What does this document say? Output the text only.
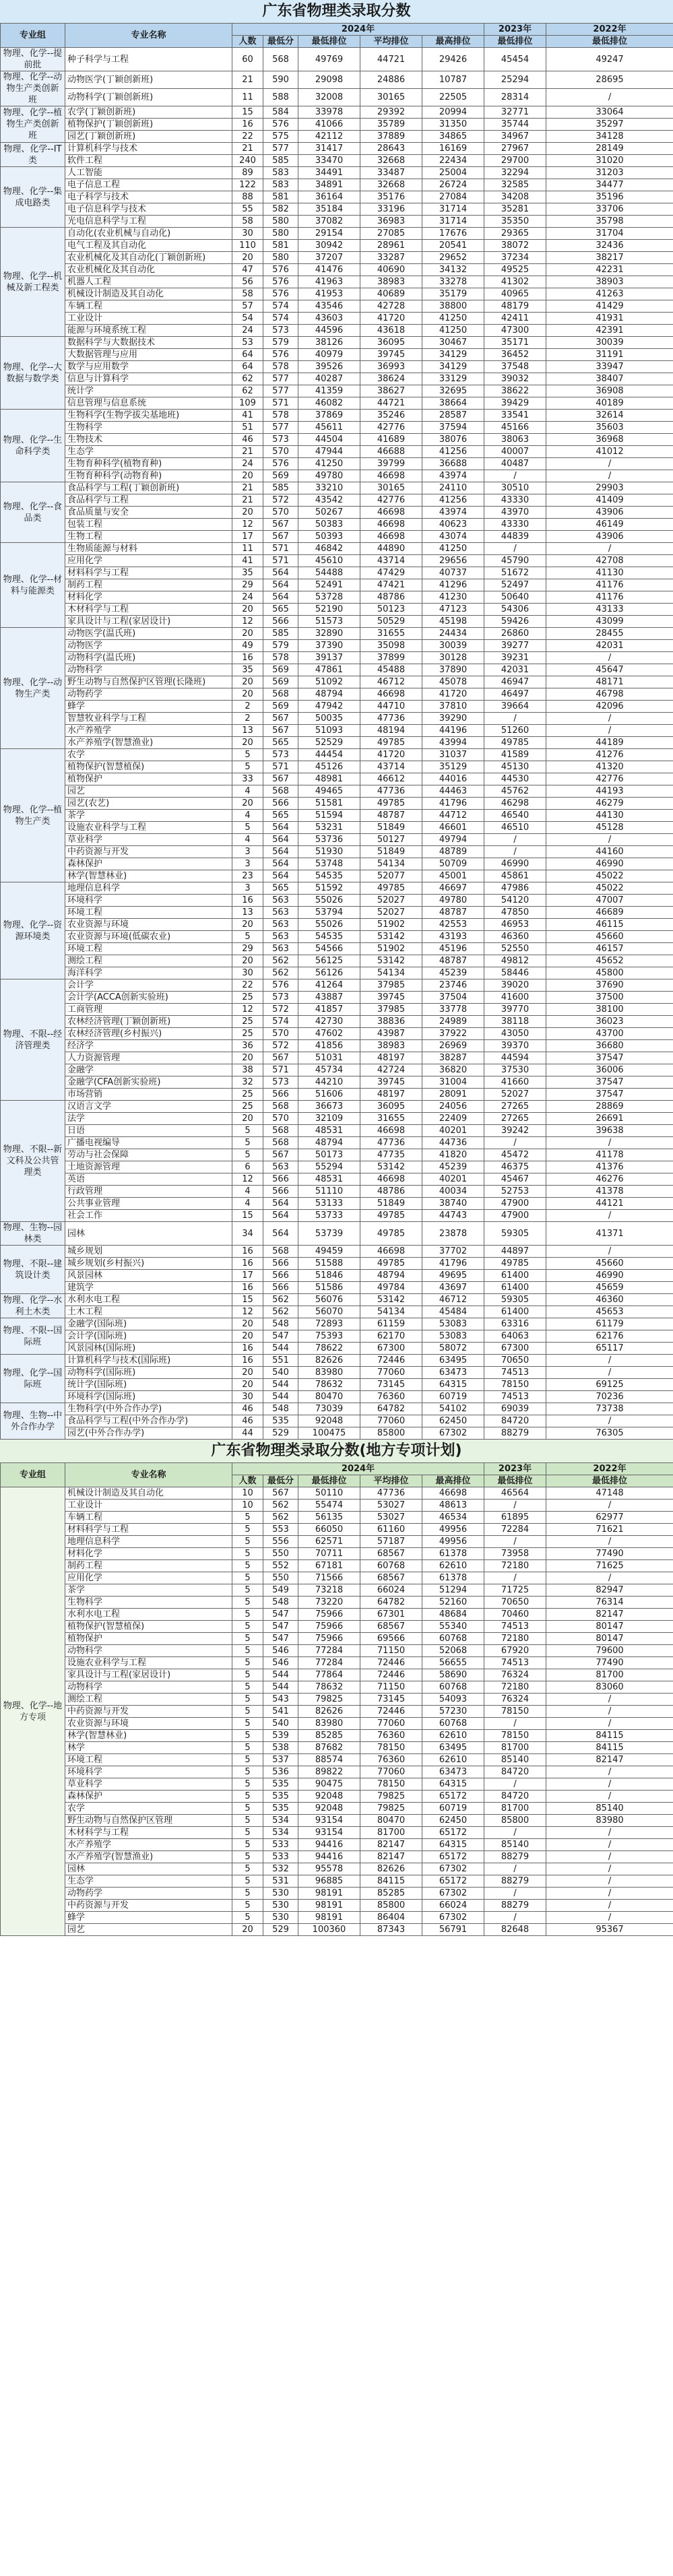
广东省物理类录取分数
专业组	专业名称	2024年					2023年	2022年
		人数	最低分	最低排位	平均排位	最高排位	最低排位	最低排位
物理、化学--提前批	种子科学与工程	60	568	49769	44721	29426	45454	49247
物理、化学--动物生产类创新班	动物医学(丁颖创新班)	21	590	29098	24886	10787	25294	28695
	动物科学(丁颖创新班)	11	588	32008	30165	22505	28314	/
物理、化学--植物生产类创新班	农学(丁颖创新班)	15	584	33978	29392	20994	32771	33064
	植物保护(丁颖创新班)	16	576	41066	35789	31350	35744	35297
	园艺(丁颖创新班)	22	575	42112	37889	34865	34967	34128
物理、化学--IT类	计算机科学与技术	21	577	31417	28643	16169	27967	28149
	软件工程	240	585	33470	32668	22434	29700	31020
物理、化学--集成电路类	人工智能	89	583	34491	33487	25004	32294	31203
	电子信息工程	122	583	34891	32668	26724	32585	34477
	电子科学与技术	88	581	36164	35176	27084	34208	35196
	电子信息科学与技术	55	582	35184	33196	31714	35281	33706
	光电信息科学与工程	58	580	37082	36983	31714	35350	35798
物理、化学--机械及新工程类	自动化(农业机械与自动化)	30	580	29154	27085	17676	29365	31704
	电气工程及其自动化	110	581	30942	28961	20541	38072	32436
	农业机械化及其自动化(丁颖创新班)	20	580	37207	33287	29652	37234	38217
	农业机械化及其自动化	47	576	41476	40690	34132	49525	42231
	机器人工程	56	576	41963	38983	33278	41302	38903
	机械设计制造及其自动化	58	576	41953	40689	35179	40965	41263
	车辆工程	57	574	43546	42728	38800	48179	41429
	工业设计	54	574	43603	41720	41250	42411	41931
	能源与环境系统工程	24	573	44596	43618	41250	47300	42391
物理、化学--大数据与数学类	数据科学与大数据技术	53	579	38126	36095	30467	35171	30039
	大数据管理与应用	64	576	40979	39745	34129	36452	31191
	数学与应用数学	64	578	39526	36993	34129	37548	33947
	信息与计算科学	62	577	40287	38624	33129	39032	38407
	统计学	62	577	41359	38627	32695	38622	36908
	信息管理与信息系统	109	571	46082	44721	38664	39429	40189
物理、化学--生命科学类	生物科学(生物学拔尖基地班)	41	578	37869	35246	28587	33541	32614
	生物科学	51	577	45611	42776	37594	45166	35603
	生物技术	46	573	44504	41689	38076	38063	36968
	生态学	21	570	47944	46688	41256	40007	41012
	生物育种科学(植物育种)	24	576	41250	39799	36688	40487	/
	生物育种科学(动物育种)	20	569	49780	46698	43974	/	/
物理、化学--食品类	食品科学与工程(丁颖创新班)	21	585	33210	30165	24110	30510	29903
	食品科学与工程	21	572	43542	42776	41256	43330	41409
	食品质量与安全	20	570	50267	46698	43974	43970	43906
	包装工程	12	567	50383	46698	40623	43330	46149
	生物工程	17	567	50393	46698	43074	44839	43906
物理、化学--材料与能源类	生物质能源与材料	11	571	46842	44890	41250	/	/
	应用化学	41	571	45610	43714	29656	45790	42708
	材料科学与工程	35	564	54488	47429	40737	51672	41130
	制药工程	29	564	52491	47421	41296	52497	41176
	材料化学	24	564	53728	48786	41230	50640	41176
	木材科学与工程	20	565	52190	50123	47123	54306	43133
	家具设计与工程(家居设计)	12	566	51573	50529	45198	59426	43099
物理、化学--动物生产类	动物医学(温氏班)	20	585	32890	31655	24434	26860	28455
	动物医学	49	579	37390	35098	30039	39277	42031
	动物科学(温氏班)	16	578	39137	37899	30128	39231	/
	动物科学	35	569	47861	45488	37890	42031	45647
	野生动物与自然保护区管理(长隆班)	20	569	51092	46712	45078	46947	48171
	动物药学	20	568	48794	46698	41720	46497	46798
	蜂学	2	569	47942	44710	37810	39664	42096
	智慧牧业科学与工程	2	567	50035	47736	39290	/	/
	水产养殖学	13	567	51093	48194	44196	51260	/
	水产养殖学(智慧渔业)	20	565	52529	49785	43994	49785	44189
物理、化学--植物生产类	农学	5	573	44454	41720	31037	41589	41276
	植物保护(智慧植保)	5	571	45126	43714	35129	45130	41320
	植物保护	33	567	48981	46612	44016	44530	42776
	园艺	4	568	49465	47736	44463	45762	44193
	园艺(农艺)	20	566	51581	49785	41796	46298	46279
	茶学	4	565	51594	48787	44712	46540	44130
	设施农业科学与工程	5	564	53231	51849	46601	46510	45128
	草业科学	4	564	53736	50127	49794	/	/
	中药资源与开发	3	564	51930	51849	48789	/	44160
	森林保护	3	564	53748	54134	50709	46990	46990
	林学(智慧林业)	23	564	54535	52077	45001	45861	45022
物理、化学--资源环境类	地理信息科学	3	565	51592	49785	46697	47986	45022
	环境科学	16	563	55026	52027	49780	54120	47007
	环境工程	13	563	53794	52027	48787	47850	46689
	农业资源与环境	20	563	55026	51902	42553	46953	46115
	农业资源与环境(低碳农业)	5	563	54535	53142	43193	46360	45660
	环境工程	29	563	54566	51902	45196	52550	46157
	测绘工程	20	562	56125	53142	48787	49812	45652
	海洋科学	30	562	56126	54134	45239	58446	45800
物理、不限--经济管理类	会计学	22	576	41264	37985	23746	39020	37690
	会计学(ACCA创新实验班)	25	573	43887	39745	37504	41600	37500
	工商管理	12	572	41857	37985	33778	39770	38100
	农林经济管理(丁颖创新班)	25	574	42730	38836	24989	38118	36023
	农林经济管理(乡村振兴)	25	570	47602	43987	37922	43050	43700
	经济学	36	572	41856	38983	26969	39370	36680
	人力资源管理	20	567	51031	48197	38287	44594	37547
	金融学	38	571	45734	42724	36820	37530	36006
	金融学(CFA创新实验班)	32	573	44210	39745	31004	41660	37547
	市场营销	25	566	51606	48197	28091	52027	37547
物理、不限--新文科及公共管理类	汉语言文学	25	568	36673	36095	24056	27265	28869
	法学	20	570	32109	31655	22409	27265	26691
	日语	5	568	48531	46698	40201	39242	39638
	广播电视编导	5	568	48794	47736	44736	/	/
	劳动与社会保障	5	567	50173	47735	41820	45472	41178
	土地资源管理	6	563	55294	53142	45239	46375	41376
	英语	12	566	48531	46698	40201	45467	46276
	行政管理	4	566	51110	48786	40034	52753	41378
	公共事业管理	4	564	53133	51849	38740	47900	44121
	社会工作	15	564	53733	49785	44743	47900	/
物理、生物--园林类	园林	34	564	53739	49785	23878	59305	41371
物理、不限--建筑设计类	城乡规划	16	568	49459	46698	37702	44897	/
	城乡规划(乡村振兴)	16	566	51588	49785	41796	49785	45660
	风景园林	17	566	51846	48794	49695	61400	46990
	建筑学	16	566	51586	49784	43697	61400	45659
物理、化学--水利土木类	水利水电工程	15	562	56076	53142	46712	59305	46360
	土木工程	12	562	56070	54134	45484	61400	45653
物理、不限--国际班	金融学(国际班)	20	548	72893	61159	53083	63316	61179
	会计学(国际班)	20	547	75393	62170	53083	64063	62176
	风景园林(国际班)	16	544	78622	67300	58072	67300	65117
物理、化学--国际班	计算机科学与技术(国际班)	16	551	82626	72446	63495	70650	/
	动物科学(国际班)	20	540	83980	77060	63473	74513	/
	统计学(国际班)	20	544	78632	73145	64315	78150	69125
	环境科学(国际班)	30	544	80470	76360	60719	74513	70236
物理、生物--中外合作办学	生物科学(中外合作办学)	46	548	73039	64782	54102	69039	73738
	食品科学与工程(中外合作办学)	46	535	92048	77060	62450	84720	/
	园艺(中外合作办学)	44	529	100475	85800	67302	88279	76305
广东省物理类录取分数(地方专项计划)
专业组	专业名称	2024年					2023年	2022年
		人数	最低分	最低排位	平均排位	最高排位	最低排位	最低排位
物理、化学--地方专项	机械设计制造及其自动化	10	567	50110	47736	46698	46564	47148
	工业设计	10	562	55474	53027	48613	/	/
	车辆工程	5	562	56135	53027	46534	61895	62977
	材料科学与工程	5	553	66050	61160	49956	72284	71621
	地理信息科学	5	556	62571	57187	49956	/	/
	材料化学	5	550	70711	68567	61378	73958	77490
	制药工程	5	552	67181	60768	62610	72180	71625
	应用化学	5	550	71566	68567	61378	/	/
	茶学	5	549	73218	66024	51294	71725	82947
	生物科学	5	548	73220	64782	52160	70650	76314
	水利水电工程	5	547	75966	67301	48684	70460	82147
	植物保护(智慧植保)	5	547	75966	68567	55340	74513	80147
	植物保护	5	547	75966	69566	60768	72180	80147
	动物科学	5	546	77284	71150	52068	67920	79600
	设施农业科学与工程	5	546	77284	72446	56655	74513	77490
	家具设计与工程(家居设计)	5	544	77864	72446	58690	76324	81700
	动物科学	5	544	78632	71150	60768	72180	83060
	测绘工程	5	543	79825	73145	54093	76324	/
	中药资源与开发	5	541	82626	72446	57230	78150	/
	农业资源与环境	5	540	83980	77060	60768	/	/
	林学(智慧林业)	5	539	85285	76360	62610	78150	84115
	林学	5	538	87682	78150	63495	81700	84115
	环境工程	5	537	88574	76360	62610	85140	82147
	环境科学	5	536	89822	77060	63473	84720	/
	草业科学	5	535	90475	78150	64315	/	/
	森林保护	5	535	92048	79825	65172	84720	/
	农学	5	535	92048	79825	60719	81700	85140
	野生动物与自然保护区管理	5	534	93154	80470	62450	85800	83980
	木材科学与工程	5	534	93154	81700	65172	/	/
	水产养殖学	5	533	94416	82147	64315	85140	/
	水产养殖学(智慧渔业)	5	533	94416	82147	65172	88279	/
	园林	5	532	95578	82626	67302	/	/
	生态学	5	531	96885	84115	65172	88279	/
	动物药学	5	530	98191	85285	67302	/	/
	中药资源与开发	5	530	98191	85800	66024	88279	/
	蜂学	5	530	98191	86404	67302	/	/
	园艺	20	529	100360	87343	56791	82648	95367
